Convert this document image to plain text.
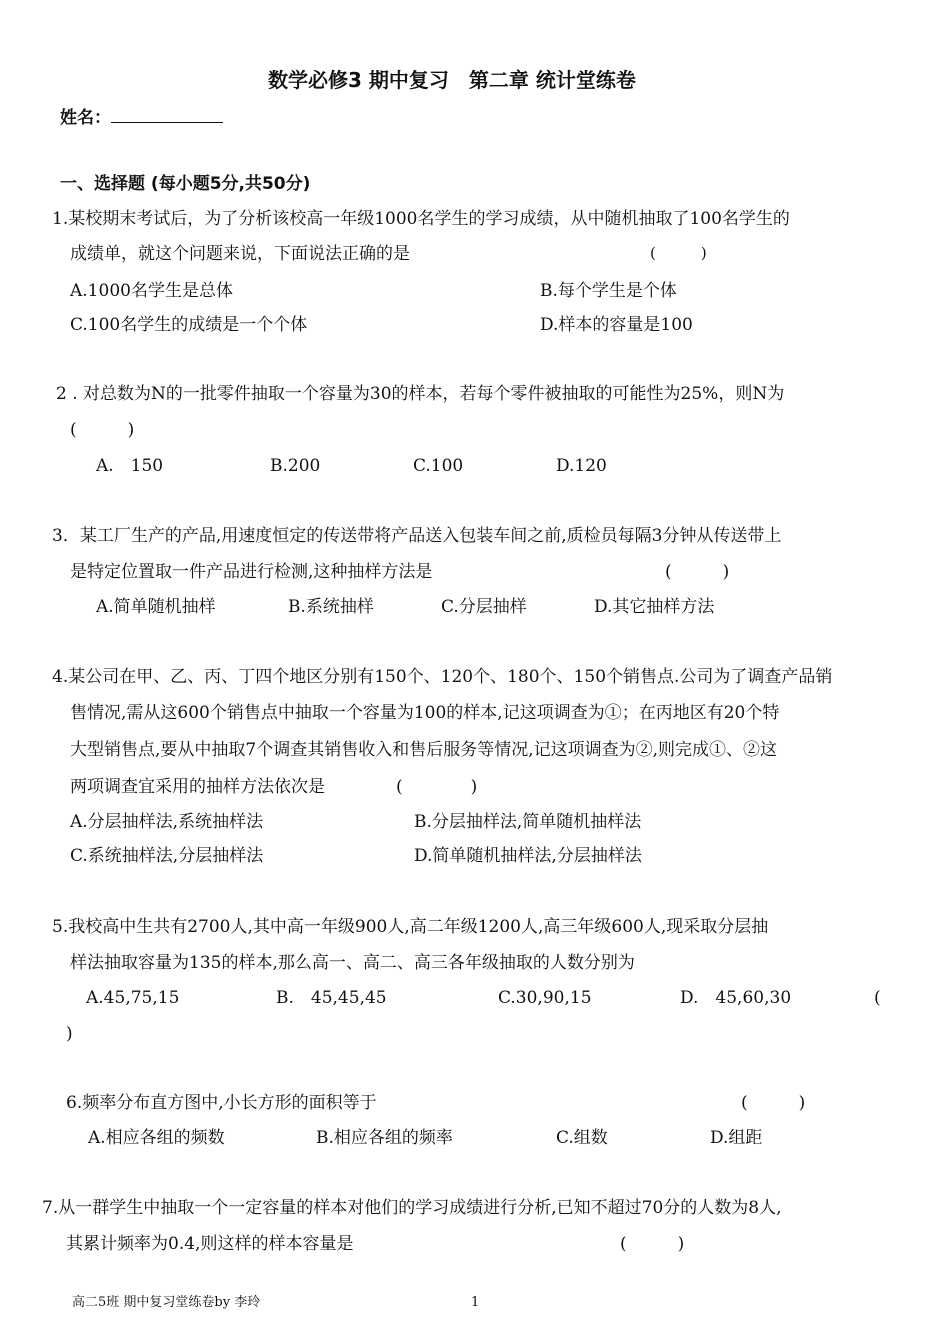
数学必修3 期中复习　第二章 统计堂练卷
姓名：
一、选择题 (每小题5分,共50分)
1.某校期末考试后，为了分析该校高一年级1000名学生的学习成绩，从中随机抽取了100名学生的
成绩单，就这个问题来说，下面说法正确的是	(　　　)
A.1000名学生是总体	B.每个学生是个体
C.100名学生的成绩是一个个体	D.样本的容量是100
2 . 对总数为N的一批零件抽取一个容量为30的样本，若每个零件被抽取的可能性为25%，则N为
(　　　)
A.　150	B.200	C.100	D.120
3．某工厂生产的产品,用速度恒定的传送带将产品送入包装车间之前,质检员每隔3分钟从传送带上
是特定位置取一件产品进行检测,这种抽样方法是	(　　　)
A.简单随机抽样	B.系统抽样	C.分层抽样	D.其它抽样方法
4.某公司在甲、乙、丙、丁四个地区分别有150个、120个、180个、150个销售点.公司为了调查产品销
售情况,需从这600个销售点中抽取一个容量为100的样本,记这项调查为①；在丙地区有20个特
大型销售点,要从中抽取7个调查其销售收入和售后服务等情况,记这项调查为②,则完成①、②这
两项调查宜采用的抽样方法依次是	(　　　　)
A.分层抽样法,系统抽样法	B.分层抽样法,简单随机抽样法
C.系统抽样法,分层抽样法	D.简单随机抽样法,分层抽样法
5.我校高中生共有2700人,其中高一年级900人,高二年级1200人,高三年级600人,现采取分层抽
样法抽取容量为135的样本,那么高一、高二、高三各年级抽取的人数分别为
A.45,75,15	B.　45,45,45	C.30,90,15	D.　45,60,30	(
)
6.频率分布直方图中,小长方形的面积等于	(　　　)
A.相应各组的频数	B.相应各组的频率	C.组数	D.组距
7.从一群学生中抽取一个一定容量的样本对他们的学习成绩进行分析,已知不超过70分的人数为8人,
其累计频率为0.4,则这样的样本容量是	(　　　)
高二5班 期中复习堂练卷by 李玲	1
